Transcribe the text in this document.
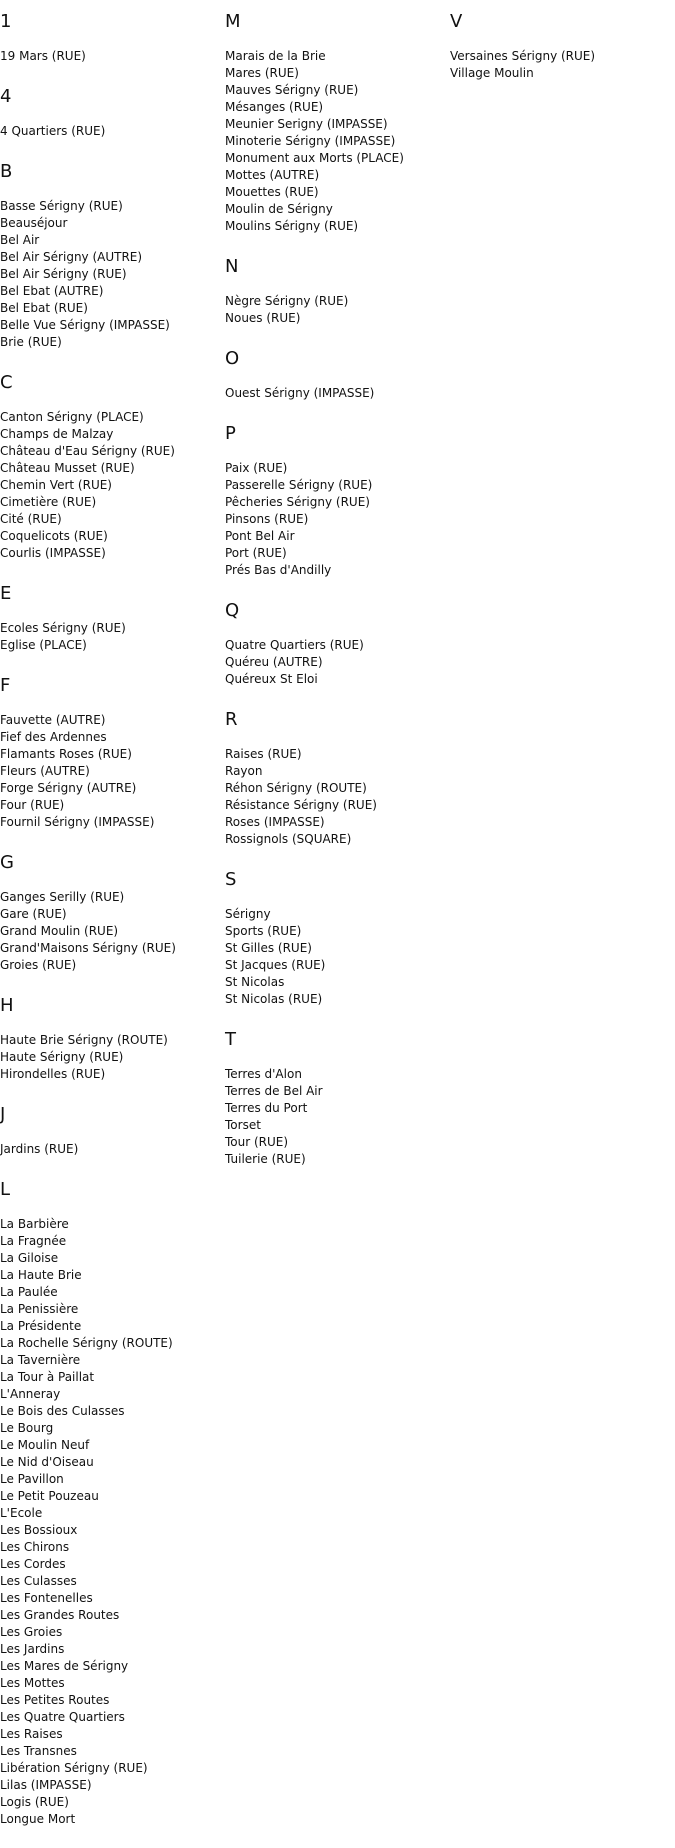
1
19 Mars (RUE)
4
4 Quartiers (RUE)
B
Basse Sérigny (RUE)
Beauséjour
Bel Air
Bel Air Sérigny (AUTRE)
Bel Air Sérigny (RUE)
Bel Ebat (AUTRE)
Bel Ebat (RUE)
Belle Vue Sérigny (IMPASSE)
Brie (RUE)
C
Canton Sérigny (PLACE)
Champs de Malzay
Château d'Eau Sérigny (RUE)
Château Musset (RUE)
Chemin Vert (RUE)
Cimetière (RUE)
Cité (RUE)
Coquelicots (RUE)
Courlis (IMPASSE)
E
Ecoles Sérigny (RUE)
Eglise (PLACE)
F
Fauvette (AUTRE)
Fief des Ardennes
Flamants Roses (RUE)
Fleurs (AUTRE)
Forge Sérigny (AUTRE)
Four (RUE)
Fournil Sérigny (IMPASSE)
G
Ganges Serilly (RUE)
Gare (RUE)
Grand Moulin (RUE)
Grand'Maisons Sérigny (RUE)
Groies (RUE)
H
Haute Brie Sérigny (ROUTE)
Haute Sérigny (RUE)
Hirondelles (RUE)
J
Jardins (RUE)
L
La Barbière
La Fragnée
La Giloise
La Haute Brie
La Paulée
La Penissière
La Présidente
La Rochelle Sérigny (ROUTE)
La Tavernière
La Tour à Paillat
L'Anneray
Le Bois des Culasses
Le Bourg
Le Moulin Neuf
Le Nid d'Oiseau
Le Pavillon
Le Petit Pouzeau
L'Ecole
Les Bossioux
Les Chirons
Les Cordes
Les Culasses
Les Fontenelles
Les Grandes Routes
Les Groies
Les Jardins
Les Mares de Sérigny
Les Mottes
Les Petites Routes
Les Quatre Quartiers
Les Raises
Les Transnes
Libération Sérigny (RUE)
Lilas (IMPASSE)
Logis (RUE)
Longue Mort
M
Marais de la Brie
Mares (RUE)
Mauves Sérigny (RUE)
Mésanges (RUE)
Meunier Serigny (IMPASSE)
Minoterie Sérigny (IMPASSE)
Monument aux Morts (PLACE)
Mottes (AUTRE)
Mouettes (RUE)
Moulin de Sérigny
Moulins Sérigny (RUE)
N
Nègre Sérigny (RUE)
Noues (RUE)
O
Ouest Sérigny (IMPASSE)
P
Paix (RUE)
Passerelle Sérigny (RUE)
Pêcheries Sérigny (RUE)
Pinsons (RUE)
Pont Bel Air
Port (RUE)
Prés Bas d'Andilly
Q
Quatre Quartiers (RUE)
Quéreu (AUTRE)
Quéreux St Eloi
R
Raises (RUE)
Rayon
Réhon Sérigny (ROUTE)
Résistance Sérigny (RUE)
Roses (IMPASSE)
Rossignols (SQUARE)
S
Sérigny
Sports (RUE)
St Gilles (RUE)
St Jacques (RUE)
St Nicolas
St Nicolas (RUE)
T
Terres d'Alon
Terres de Bel Air
Terres du Port
Torset
Tour (RUE)
Tuilerie (RUE)
V
Versaines Sérigny (RUE)
Village Moulin
